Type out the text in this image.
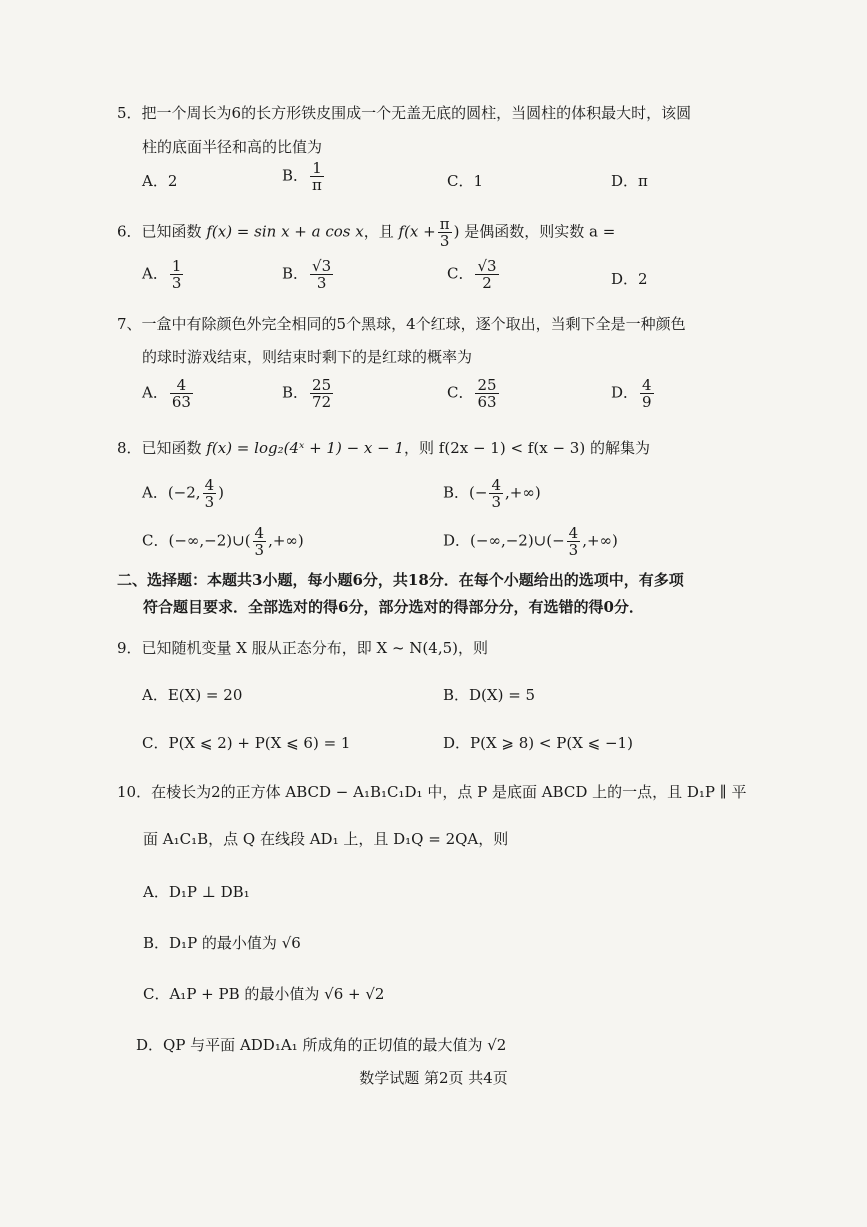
5．把一个周长为6的长方形铁皮围成一个无盖无底的圆柱，当圆柱的体积最大时，该圆
柱的底面半径和高的比值为
A．2	B． $\frac{1}{\pi}$	C．1	D．π
6．已知函数 f(x) = sin x + a cos x，且 $f(x + \frac{\pi}{3}$ ) 是偶函数，则实数 a =
A． $\frac{1}{3}$	B． $\frac{√3}{3}$	C． $\frac{√3}{2}$	D．2
7、一盒中有除颜色外完全相同的5个黑球，4个红球，逐个取出，当剩下全是一种颜色
的球时游戏结束，则结束时剩下的是红球的概率为
A． $\frac{4}{63}$	B． $\frac{25}{72}$	C． $\frac{25}{63}$	D． $\frac{4}{9}$
8．已知函数 f(x) = log₂(4ˣ + 1) − x − 1，则 f(2x − 1) < f(x − 3) 的解集为
A．(−2, $\frac{4}{3}$ )	B．(− $\frac{4}{3}$ ,+∞)
C．(−∞,−2)∪( $\frac{4}{3}$ ,+∞)	D．(−∞,−2)∪(− $\frac{4}{3}$ ,+∞)
二、选择题：本题共3小题，每小题6分，共18分．在每个小题给出的选项中，有多项
符合题目要求．全部选对的得6分，部分选对的得部分分，有选错的得0分．
9．已知随机变量 X 服从正态分布，即 X ~ N(4,5)，则
A．E(X) = 20	B．D(X) = 5
C．P(X ⩽ 2) + P(X ⩽ 6) = 1	D．P(X ⩾ 8) < P(X ⩽ −1)
10．在棱长为2的正方体 ABCD − A₁B₁C₁D₁ 中，点 P 是底面 ABCD 上的一点，且 D₁P ∥ 平
面 A₁C₁B，点 Q 在线段 AD₁ 上，且 D₁Q = 2QA，则
A．D₁P ⊥ DB₁
B．D₁P 的最小值为 √6
C．A₁P + PB 的最小值为 √6 + √2
D．QP 与平面 ADD₁A₁ 所成角的正切值的最大值为 √2
数学试题 第2页 共4页
